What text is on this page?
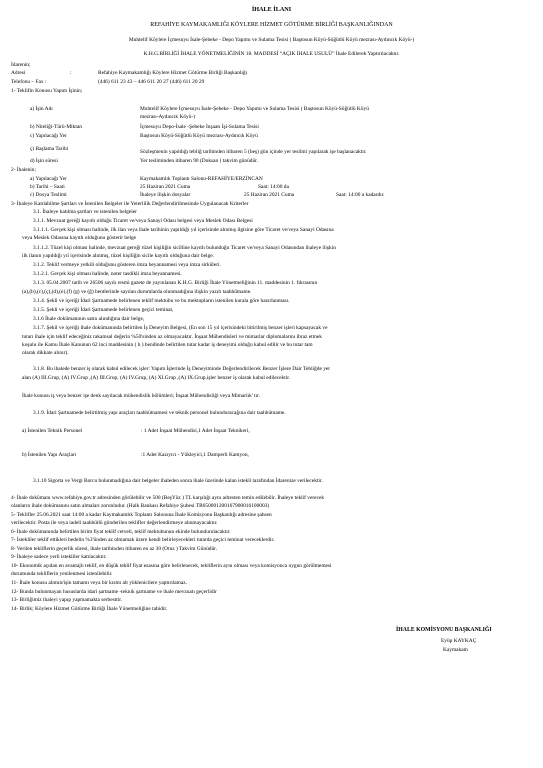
İHALE İLANI
REFAHİYE KAYMAKAMLIĞI KÖYLERE HİZMET GÖTÜRME BİRLİĞİ BAŞKANLIĞINDAN
Muhtelif Köylere İçmesuyu İsale-Şebeke - Depo Yapımı ve Sulama Tesisi ( Baştosun Köyü-Söğütlü Köyü mezrası-Aydıncık Köyü-)
K.H.G.BİRLİĞİ İHALE YÖNETMELİĞİNİN 18. MADDESİ “AÇIK İHALE USULÜ” İhale Edilerek Yaptırılacaktır.
İdarenin;
Adresi	:	Refahiye Kaymakamlığı Köylere Hizmet Götürme Birliği Başkanlığı
Telefonu – Fax :	(446) 611 23 43 – 446 611 20 27 (446) 611 20 29
1- Teklifin Konusu Yapım İşinin;
a) İşin Adı	Muhtelif Köylere İçmesuyu İsale-Şebeke - Depo Yapımı ve Sulama Tesisi ( Baştosun Köyü-Söğütlü Köyü
mezrası-Aydıncık Köyü-)
b) Niteliği-Türü-Miktarı	İçmesuyu Depo-İsale -Şebeke İnşaatı İşi-Sulama Tesisi
c) Yapılacağı Yer	Baştosun Köyü-Söğütlü Köyü mezrası-Aydıncık Köyü
ç) Başlama Tarihi	Sözleşmenin yapıldığı tebliğ tarihinden itibaren 5 (beş) gün içinde yer teslimi yapılarak işe başlanacaktır.
d) İşin süresi	Yer tesliminden itibaren 90 (Doksan ) takvim günüdür.
2- İhalenin;
a) Yapılacağı Yer	Kaymakamlık Toplantı Salonu-REFAHİYE/ERZİNCAN
b) Tarihi – Saati	25 Haziran 2021 Cuma	Saat: 14:00 da
c) Dosya Teslimi	İhaleye ilişkin dosyalar	25 Haziran 2021 Cuma	Saat: 14:00 a kadardır.
3- İhaleye Katılabilme Şartları ve İstenilen Belgeler ile Yeterlilik Değerlendirilmesinde Uygulanacak Kriterler
3.1. İhaleye katılma şartları ve istenilen belgeler
3.1.1. Mevzuat gereği kayıtlı olduğu Ticaret ve/veya Sanayi Odası belgesi veya Meslek Odası Belgesi
3.1.1.1. Gerçek kişi olması halinde, ilk ilan veya ihale tarihinin yapıldığı yıl içerisinde alınmış ilgisine göre Ticaret ve/veya Sanayi Odasına
veya Meslek Odasına kayıtlı olduğunu gösterir belge
3.1.1.2. Tüzel kişi olması halinde, mevzuat gereği tüzel kişiliğin sicilline kayıtlı bulunduğu Ticaret ve/veya Sanayi Odasından ihaleye ilişkin
ilk ilanın yapıldığı yıl içerisinde alınmış, tüzel kişiliğin sicile kayıtlı olduğuna dair belge.
3.1.2. Teklif vermeye yetkili olduğunu gösteren imza beyannamesi veya imza sirküleri.
3.1.2.1. Gerçek kişi olması halinde, noter tasdikli imza beyannamesi.
3.1.3. 05.04.2007 tarih ve 26506 sayılı resmi gazete de yayınlanan K.H.G. Birliği İhale Yönetmeliğinin 11. maddesinin 1. fıkrasının
(a),(b),(c),(ç),(d),(e),(f) (g) ve (ğ) bentlerinde sayılan durumlarda olunmadığına ilişkin yazılı taahhütname.
3.1.4. Şekli ve içeriği İdari Şartnamede belirlenen teklif mektubu ve bu mektupların istenilen kurala göre hazırlanması.
3.1.5. Şekli ve içeriği İdari Şartnamede belirlenen geçici teminat,
3.1.6 İhale dokümanının satın alındığına dair belge,
3.1.7. Şekil ve içeriği ihale dokümanında belirtilen İş Deneyim Belgesi, (En son 15 yıl içerisindeki bitirilmiş benzer işleri kapsayacak ve
tutarı ihale için teklif edeceğiniz rakamsal değerin %50'sinden az olmayacaktır. İnşaat Mühendisleri ve mimarlar diplomalarını ibraz etmek
koşulu ile Kamu İhale Kanunun 62 inci maddesinin ( h ) bendinde belirtilen tutar kadar iş deneyimi olduğu kabul edilir ve bu tutar tam
olarak dikkate alınır).
3.1.8. Bu ihalede benzer iş olarak kabul edilecek işler: Yapım İşlerinde İş Deneyiminde Değerlendirilecek Benzer İşlere Dair Tebliğde yer
alan (A) III.Grup, (A) IV.Grup ,(A) III.Grup, (A) IV.Grup, (A) XI.Grup ,(A) IX.Grup,işler benzer iş olarak kabul edilecektir.
İhale konusu iş veya benzer işe denk sayılacak mühendislik bölümleri; İnşaat Mühendisliği veya Mimarlık' tır.
3.1.9. İdari Şartnamede belirtilmiş yapı araçları taahhütnamesi ve teknik personel bulunduracağına dair taahhütname.
a) İstenilen Teknik Personel	: 1 Adet İnşaat Mühendisi,1 Adet İnşaat Teknikeri,
b) İstenilen Yapı Araçları	:1 Adet Kazıyıcı - Yükleyici,1 Damperli Kamyon,
3.1.10 Sigorta ve Vergi Borcu bulunmadığına dair belgeler ihaleden sonra ihale üzerinde kalan istekli tarafından İdarenize verilecektir.
4- İhale dokümanı www.refahiye.gov.tr adresinden görülebilir ve 500 (BeşYüz ) TL karşılığı aynı adresten temin edilebilir. İhaleye teklif verecek
olanların ihale dokümanını satın almaları zorunludur. (Halk Bankası Refahiye Şubesi TR650001200167900016100003)
5- Teklifler 25.06.2021 saat 14:00 a kadar Kaymakamlık Toplantı Salonuna İhale Komisyonu Başkanlığı adresine şahsen
verilecektir. Posta ile veya iadeli taahhütlü gönderilen teklifler değerlendirmeye alınmayacaktır.
6- İhale dokümanında belirtilen birim fiyat teklif cetveli, teklif mektubunun ekinde bulundurulacaktır.
7- İstekliler teklif ettikleri bedelin %3'ünden az olmamak üzere kendi belirleyecekleri tutarda geçici teminat vereceklerdir.
8- Verilen tekliflerin geçerlik süresi, ihale tarihinden itibaren en az 30 (Otuz ) Takvim Günüdür.
9- İhaleye sadece yerli istekliler katılacaktır.
10- Ekonomik açıdan en avantajlı teklif, en düşük teklif fiyat esasına göre belirlenecek, tekliflerin aynı olması veya komisyonca uygun görülmemesi
durumunda tekliflerin yenilenmesi istenilebilir.
11- İhale konusu alımın/işin tamamı veya bir kısmı alt yüklenicilere yaptırılamaz.
12- Bunda bulunmayan hususlarda idari şartname -teknik şartname ve ihale mevzuatı geçerlidir
13- Birliğimiz ihaleyi yapıp yapmamakta serbesttir.
14- Birlik; Köylere Hizmet Götürme Birliği İhale Yönetmeliğine tabidir.
İHALE KOMİSYONU BAŞKANLIĞI
Eyüp KAYKAÇ
Kaymakam
